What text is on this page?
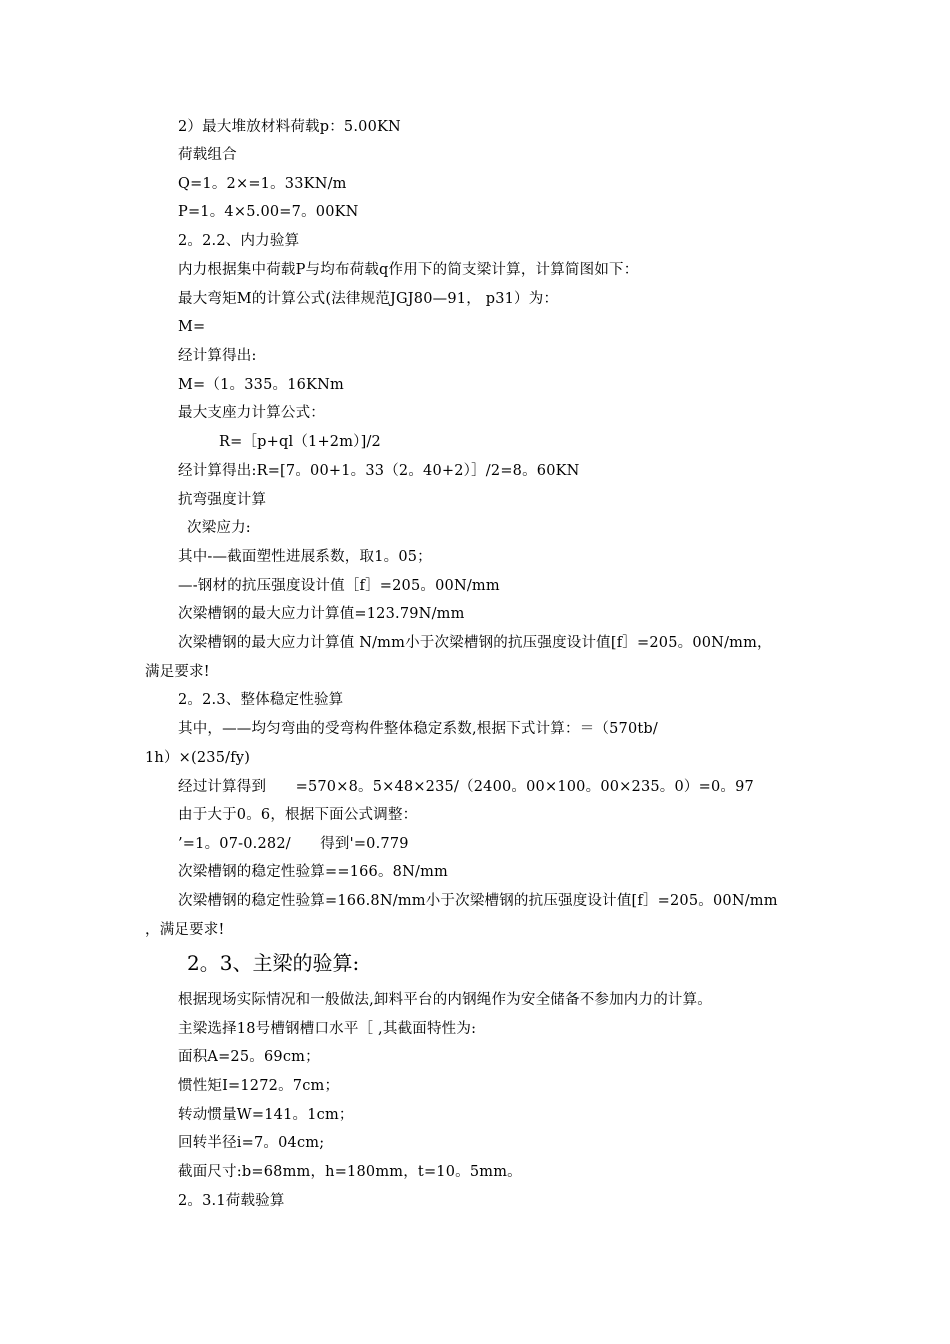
2）最大堆放材料荷载p：5.00KN
荷载组合
Q=1。2×=1。33KN/m
P=1。4×5.00=7。00KN
2。2.2、内力验算
内力根据集中荷载P与均布荷载q作用下的简支梁计算，计算简图如下：
最大弯矩M的计算公式(法律规范JGJ80—91， p31）为：
M=
经计算得出:
M=（1。335。16KNm
最大支座力计算公式：
R=［p+ql（1+2m）]/2
经计算得出:R=[7。00+1。33（2。40+2）］/2=8。60KN
抗弯强度计算
次梁应力:
其中-—截面塑性进展系数，取1。05；
—-钢材的抗压强度设计值［f］=205。00N/mm
次梁槽钢的最大应力计算值=123.79N/mm
次梁槽钢的最大应力计算值 N/mm小于次梁槽钢的抗压强度设计值[f］=205。00N/mm，
满足要求!
2。2.3、整体稳定性验算
其中，——均匀弯曲的受弯构件整体稳定系数,根据下式计算：＝（570tb/
1h）×(235/fy)
经过计算得到　　=570×8。5×48×235/（2400。00×100。00×235。0）=0。97
由于大于0。6，根据下面公式调整：
’=1。07-0.282/　　得到'=0.779
次梁槽钢的稳定性验算==166。8N/mm
次梁槽钢的稳定性验算=166.8N/mm小于次梁槽钢的抗压强度设计值[f］=205。00N/mm
，满足要求!
2。3、主梁的验算:
根据现场实际情况和一般做法,卸料平台的内钢绳作为安全储备不参加内力的计算。
主梁选择18号槽钢槽口水平［ ,其截面特性为:
面积A=25。69cm；
惯性矩I=1272。7cm；
转动惯量W=141。1cm；
回转半径i=7。04cm;
截面尺寸:b=68mm，h=180mm，t=10。5mm。
2。3.1荷载验算
